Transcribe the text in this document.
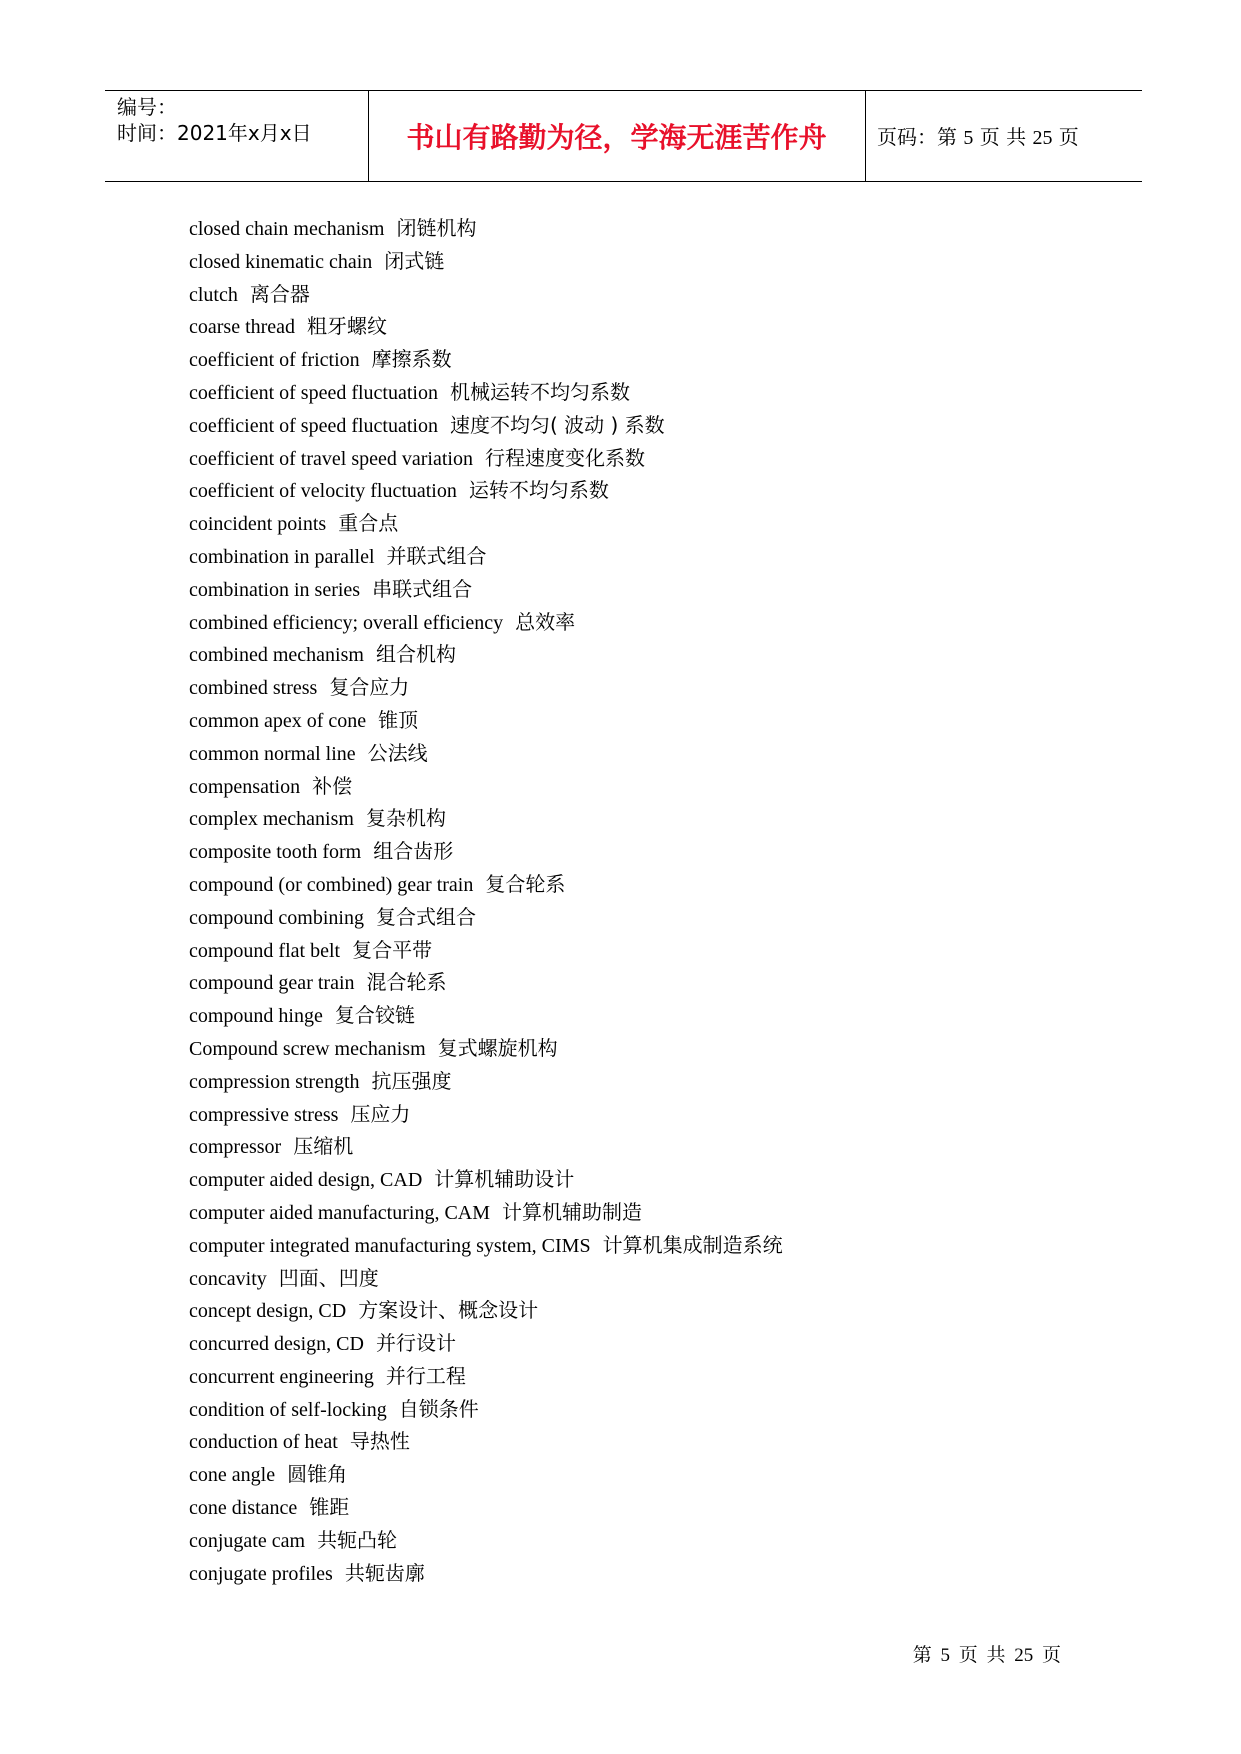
编号：
时间：2021年x月x日	书山有路勤为径，学海无涯苦作舟	页码：第 5 页 共 25 页
closed chain mechanism 闭链机构
closed kinematic chain 闭式链
clutch 离合器
coarse thread 粗牙螺纹
coefficient of friction 摩擦系数
coefficient of speed fluctuation 机械运转不均匀系数
coefficient of speed fluctuation 速度不均匀( 波动 ) 系数
coefficient of travel speed variation 行程速度变化系数
coefficient of velocity fluctuation 运转不均匀系数
coincident points 重合点
combination in parallel 并联式组合
combination in series 串联式组合
combined efficiency; overall efficiency 总效率
combined mechanism 组合机构
combined stress 复合应力
common apex of cone 锥顶
common normal line 公法线
compensation 补偿
complex mechanism 复杂机构
composite tooth form 组合齿形
compound (or combined) gear train 复合轮系
compound combining 复合式组合
compound flat belt 复合平带
compound gear train 混合轮系
compound hinge 复合铰链
Compound screw mechanism 复式螺旋机构
compression strength 抗压强度
compressive stress 压应力
compressor 压缩机
computer aided design, CAD 计算机辅助设计
computer aided manufacturing, CAM 计算机辅助制造
computer integrated manufacturing system, CIMS 计算机集成制造系统
concavity 凹面、凹度
concept design, CD 方案设计、概念设计
concurred design, CD 并行设计
concurrent engineering 并行工程
condition of self-locking 自锁条件
conduction of heat 导热性
cone angle 圆锥角
cone distance 锥距
conjugate cam 共轭凸轮
conjugate profiles 共轭齿廓
第 5 页 共 25 页
